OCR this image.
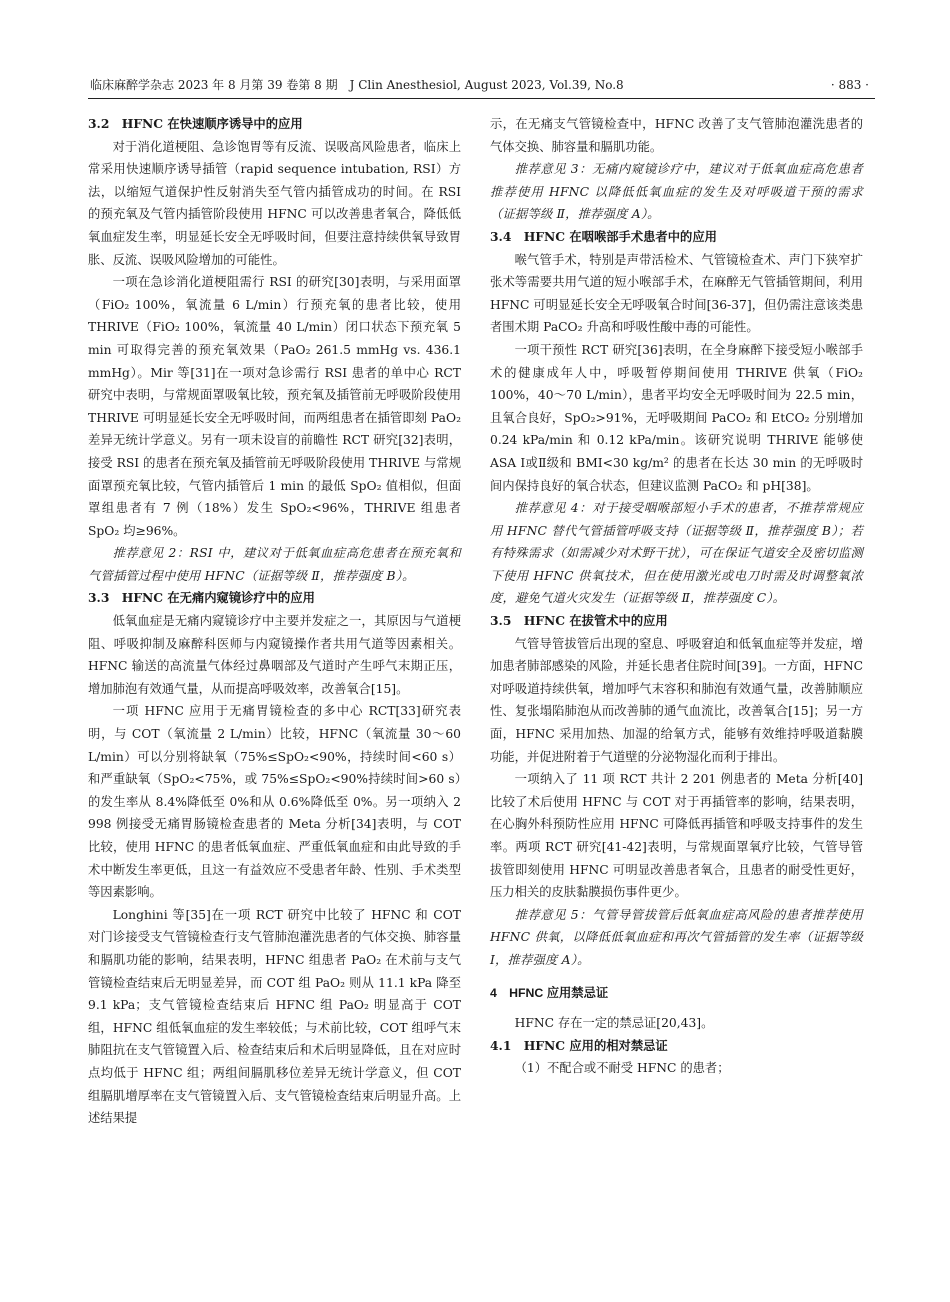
临床麻醉学杂志 2023 年 8 月第 39 卷第 8 期　J Clin Anesthesiol, August 2023, Vol.39, No.8	· 883 ·
3.2　HFNC 在快速顺序诱导中的应用

对于消化道梗阻、急诊饱胃等有反流、误吸高风险患者，临床上常采用快速顺序诱导插管（rapid sequence intubation, RSI）方法，以缩短气道保护性反射消失至气管内插管成功的时间。在 RSI 的预充氧及气管内插管阶段使用 HFNC 可以改善患者氧合，降低低氧血症发生率，明显延长安全无呼吸时间，但要注意持续供氧导致胃胀、反流、误吸风险增加的可能性。

一项在急诊消化道梗阻需行 RSI 的研究[30]表明，与采用面罩（FiO₂ 100%，氧流量 6 L/min）行预充氧的患者比较，使用 THRIVE（FiO₂ 100%，氧流量 40 L/min）闭口状态下预充氧 5 min 可取得完善的预充氧效果（PaO₂ 261.5 mmHg vs. 436.1 mmHg）。Mir 等[31]在一项对急诊需行 RSI 患者的单中心 RCT 研究中表明，与常规面罩吸氧比较，预充氧及插管前无呼吸阶段使用 THRIVE 可明显延长安全无呼吸时间，而两组患者在插管即刻 PaO₂ 差异无统计学意义。另有一项未设盲的前瞻性 RCT 研究[32]表明，接受 RSI 的患者在预充氧及插管前无呼吸阶段使用 THRIVE 与常规面罩预充氧比较，气管内插管后 1 min 的最低 SpO₂ 值相似，但面罩组患者有 7 例（18%）发生 SpO₂<96%，THRIVE 组患者 SpO₂ 均≥96%。

推荐意见 2：RSI 中，建议对于低氧血症高危患者在预充氧和气管插管过程中使用 HFNC（证据等级 Ⅱ，推荐强度 B）。

3.3　HFNC 在无痛内窥镜诊疗中的应用

低氧血症是无痛内窥镜诊疗中主要并发症之一，其原因与气道梗阻、呼吸抑制及麻醉科医师与内窥镜操作者共用气道等因素相关。HFNC 输送的高流量气体经过鼻咽部及气道时产生呼气末期正压，增加肺泡有效通气量，从而提高呼吸效率，改善氧合[15]。

一项 HFNC 应用于无痛胃镜检查的多中心 RCT[33]研究表明，与 COT（氧流量 2 L/min）比较，HFNC（氧流量 30～60 L/min）可以分别将缺氧（75%≤SpO₂<90%，持续时间<60 s）和严重缺氧（SpO₂<75%，或 75%≤SpO₂<90%持续时间>60 s）的发生率从 8.4%降低至 0%和从 0.6%降低至 0%。另一项纳入 2 998 例接受无痛胃肠镜检查患者的 Meta 分析[34]表明，与 COT 比较，使用 HFNC 的患者低氧血症、严重低氧血症和由此导致的手术中断发生率更低，且这一有益效应不受患者年龄、性别、手术类型等因素影响。

Longhini 等[35]在一项 RCT 研究中比较了 HFNC 和 COT 对门诊接受支气管镜检查行支气管肺泡灌洗患者的气体交换、肺容量和膈肌功能的影响，结果表明，HFNC 组患者 PaO₂ 在术前与支气管镜检查结束后无明显差异，而 COT 组 PaO₂ 则从 11.1 kPa 降至 9.1 kPa；支气管镜检查结束后 HFNC 组 PaO₂ 明显高于 COT 组，HFNC 组低氧血症的发生率较低；与术前比较，COT 组呼气末肺阻抗在支气管镜置入后、检查结束后和术后明显降低，且在对应时点均低于 HFNC 组；两组间膈肌移位差异无统计学意义，但 COT 组膈肌增厚率在支气管镜置入后、支气管镜检查结束后明显升高。上述结果提

示，在无痛支气管镜检查中，HFNC 改善了支气管肺泡灌洗患者的气体交换、肺容量和膈肌功能。

推荐意见 3：无痛内窥镜诊疗中，建议对于低氧血症高危患者推荐使用 HFNC 以降低低氧血症的发生及对呼吸道干预的需求（证据等级 Ⅱ，推荐强度 A）。

3.4　HFNC 在咽喉部手术患者中的应用

喉气管手术，特别是声带活检术、气管镜检查术、声门下狭窄扩张术等需要共用气道的短小喉部手术，在麻醉无气管插管期间，利用 HFNC 可明显延长安全无呼吸氧合时间[36-37]，但仍需注意该类患者围术期 PaCO₂ 升高和呼吸性酸中毒的可能性。

一项干预性 RCT 研究[36]表明，在全身麻醉下接受短小喉部手术的健康成年人中，呼吸暂停期间使用 THRIVE 供氧（FiO₂ 100%，40～70 L/min），患者平均安全无呼吸时间为 22.5 min，且氧合良好，SpO₂>91%，无呼吸期间 PaCO₂ 和 EtCO₂ 分别增加 0.24 kPa/min 和 0.12 kPa/min。该研究说明 THRIVE 能够使 ASA Ⅰ或Ⅱ级和 BMI<30 kg/m² 的患者在长达 30 min 的无呼吸时间内保持良好的氧合状态，但建议监测 PaCO₂ 和 pH[38]。

推荐意见 4：对于接受咽喉部短小手术的患者，不推荐常规应用 HFNC 替代气管插管呼吸支持（证据等级 Ⅱ，推荐强度 B）；若有特殊需求（如需减少对术野干扰），可在保证气道安全及密切监测下使用 HFNC 供氧技术，但在使用激光或电刀时需及时调整氧浓度，避免气道火灾发生（证据等级 Ⅱ，推荐强度 C）。

3.5　HFNC 在拔管术中的应用

气管导管拔管后出现的窒息、呼吸窘迫和低氧血症等并发症，增加患者肺部感染的风险，并延长患者住院时间[39]。一方面，HFNC 对呼吸道持续供氧，增加呼气末容积和肺泡有效通气量，改善肺顺应性、复张塌陷肺泡从而改善肺的通气血流比，改善氧合[15]；另一方面，HFNC 采用加热、加湿的给氧方式，能够有效维持呼吸道黏膜功能，并促进附着于气道壁的分泌物湿化而利于排出。

一项纳入了 11 项 RCT 共计 2 201 例患者的 Meta 分析[40]比较了术后使用 HFNC 与 COT 对于再插管率的影响，结果表明，在心胸外科预防性应用 HFNC 可降低再插管和呼吸支持事件的发生率。两项 RCT 研究[41-42]表明，与常规面罩氧疗比较，气管导管拔管即刻使用 HFNC 可明显改善患者氧合，且患者的耐受性更好，压力相关的皮肤黏膜损伤事件更少。

推荐意见 5：气管导管拔管后低氧血症高风险的患者推荐使用 HFNC 供氧，以降低低氧血症和再次气管插管的发生率（证据等级 Ⅰ，推荐强度 A）。

4　HFNC 应用禁忌证

HFNC 存在一定的禁忌证[20,43]。

4.1　HFNC 应用的相对禁忌证

（1）不配合或不耐受 HFNC 的患者；
